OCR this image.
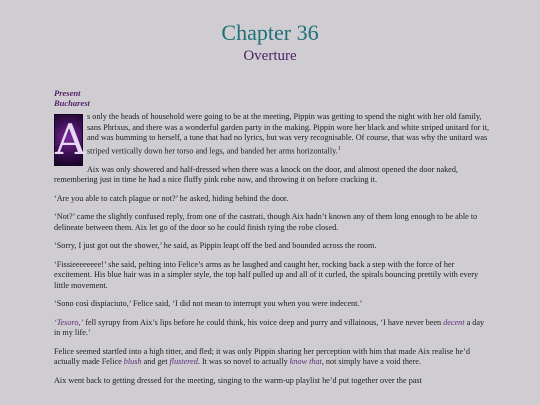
Chapter 36
Overture
Present
Bucharest

A s only the heads of household were going to be at the meeting, Pippin was getting to spend the night with her old family, sans Phrixus, and there was a wonderful garden party in the making. Pippin wore her black and white striped unitard for it, and was humming to herself, a tune that had no lyrics, but was very recognisable. Of course, that was why the unitard was striped vertically down her torso and legs, and banded her arms horizontally.$^1$

Aix was only showered and half-dressed when there was a knock on the door, and almost opened the door naked, remembering just in time he had a nice fluffy pink robe now, and throwing it on before cracking it.

‘Are you able to catch plague or not?’ he asked, hiding behind the door.

‘Not?’ came the slightly confused reply, from one of the castrati, though Aix hadn’t known any of them long enough to be able to delineate between them. Aix let go of the door so he could finish tying the robe closed.

‘Sorry, I just got out the shower,’ he said, as Pippin leapt off the bed and bounded across the room.

‘Fissieeeeeeee!’ she said, pelting into Felice’s arms as he laughed and caught her, rocking back a step with the force of her excitement. His blue hair was in a simpler style, the top half pulled up and all of it curled, the spirals bouncing prettily with every little movement.

‘Sono così dispiaciuto,’ Felice said, ‘I did not mean to interrupt you when you were indecent.’

‘Tesoro,’ fell syrupy from Aix’s lips before he could think, his voice deep and purry and villainous, ‘I have never been decent a day in my life.’

Felice seemed startled into a high titter, and fled; it was only Pippin sharing her perception with him that made Aix realise he’d actually made Felice blush and get flustered. It was so novel to actually know that, not simply have a void there.

Aix went back to getting dressed for the meeting, singing to the warm-up playlist he’d put together over the past
